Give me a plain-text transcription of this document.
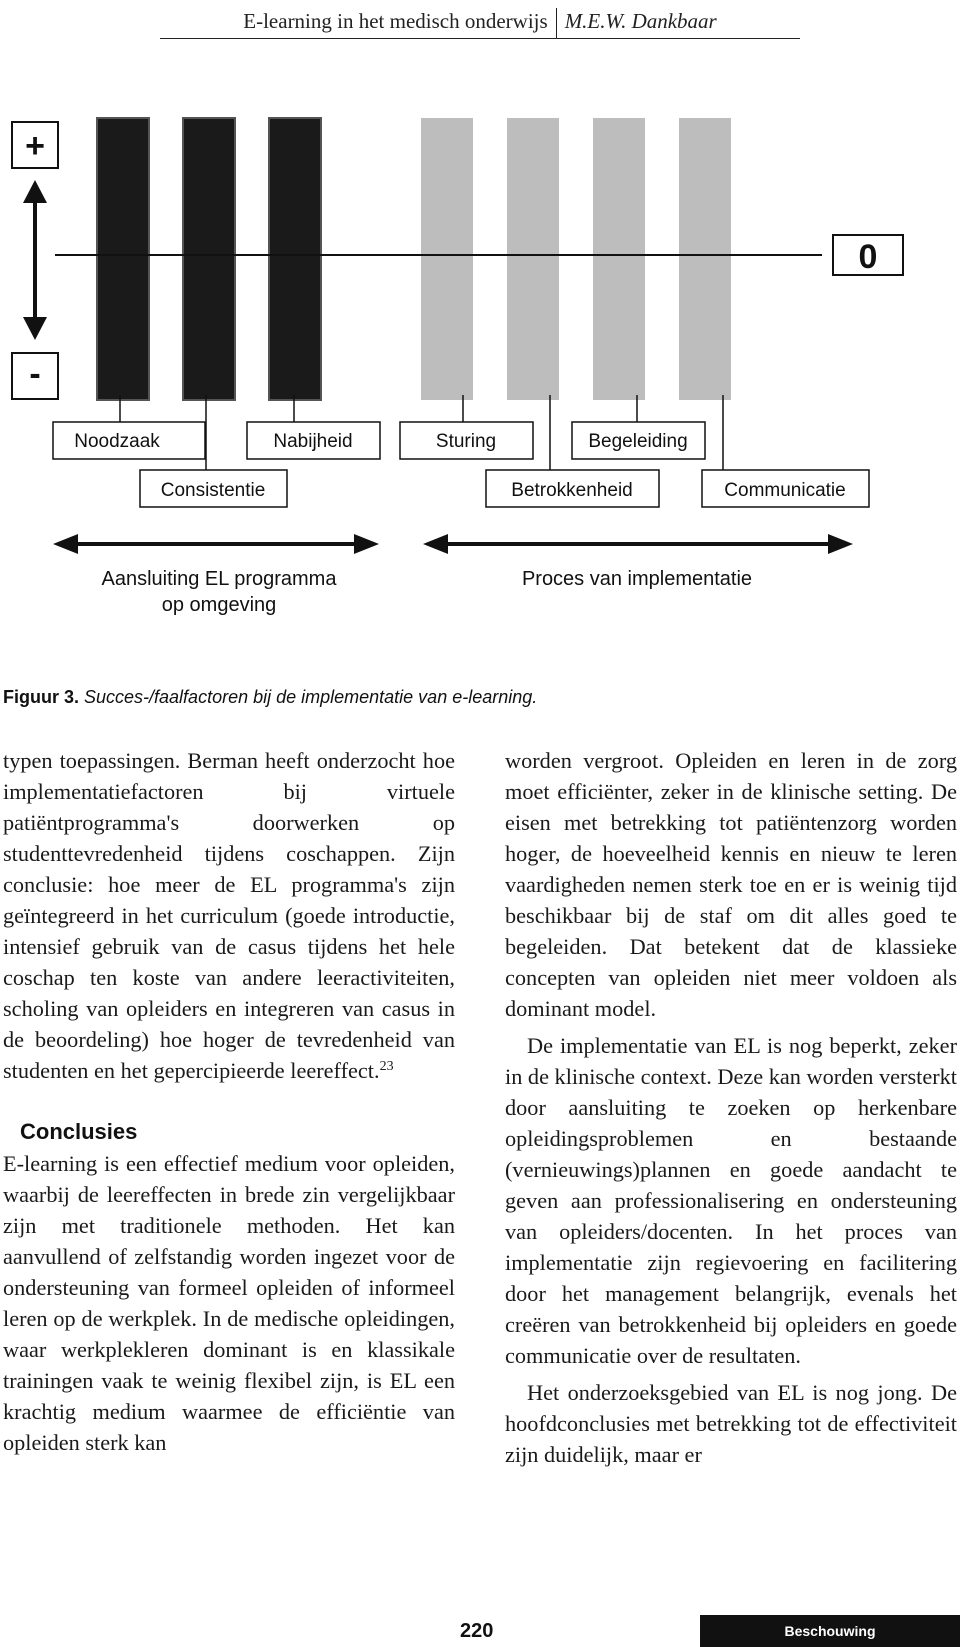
E-learning in het medisch onderwijs M.E.W. Dankbaar
+
-
0
Noodzaak	Nabijheid	Sturing	Begeleiding
Consistentie	Betrokkenheid	Communicatie
Aansluiting EL programma
op omgeving
Proces van implementatie
Figuur 3. Succes-/faalfactoren bij de implementatie van e-learning.

typen toepassingen. Berman heeft onderzocht hoe implementatiefactoren bij virtuele patiëntprogramma's doorwerken op studenttevredenheid tijdens coschappen. Zijn conclusie: hoe meer de EL programma's zijn geïntegreerd in het curriculum (goede introductie, intensief gebruik van de casus tijdens het hele coschap ten koste van andere leeractiviteiten, scholing van opleiders en integreren van casus in de beoordeling) hoe hoger de tevredenheid van studenten en het gepercipieerde leereffect.$^{23}$

Conclusies

E-learning is een effectief medium voor opleiden, waarbij de leereffecten in brede zin vergelijkbaar zijn met traditionele methoden. Het kan aanvullend of zelfstandig worden ingezet voor de ondersteuning van formeel opleiden of informeel leren op de werkplek. In de medische opleidingen, waar werkplekleren dominant is en klassikale trainingen vaak te weinig flexibel zijn, is EL een krachtig medium waarmee de efficiëntie van opleiden sterk kan

worden vergroot. Opleiden en leren in de zorg moet efficiënter, zeker in de klinische setting. De eisen met betrekking tot patiëntenzorg worden hoger, de hoeveelheid kennis en nieuw te leren vaardigheden nemen sterk toe en er is weinig tijd beschikbaar bij de staf om dit alles goed te begeleiden. Dat betekent dat de klassieke concepten van opleiden niet meer voldoen als dominant model.

De implementatie van EL is nog beperkt, zeker in de klinische context. Deze kan worden versterkt door aansluiting te zoeken op herkenbare opleidingsproblemen en bestaande (vernieuwings)plannen en goede aandacht te geven aan professionalisering en ondersteuning van opleiders/docenten. In het proces van implementatie zijn regievoering en facilitering door het management belangrijk, evenals het creëren van betrokkenheid bij opleiders en goede communicatie over de resultaten.

Het onderzoeksgebied van EL is nog jong. De hoofdconclusies met betrekking tot de effectiviteit zijn duidelijk, maar er

220	Beschouwing
